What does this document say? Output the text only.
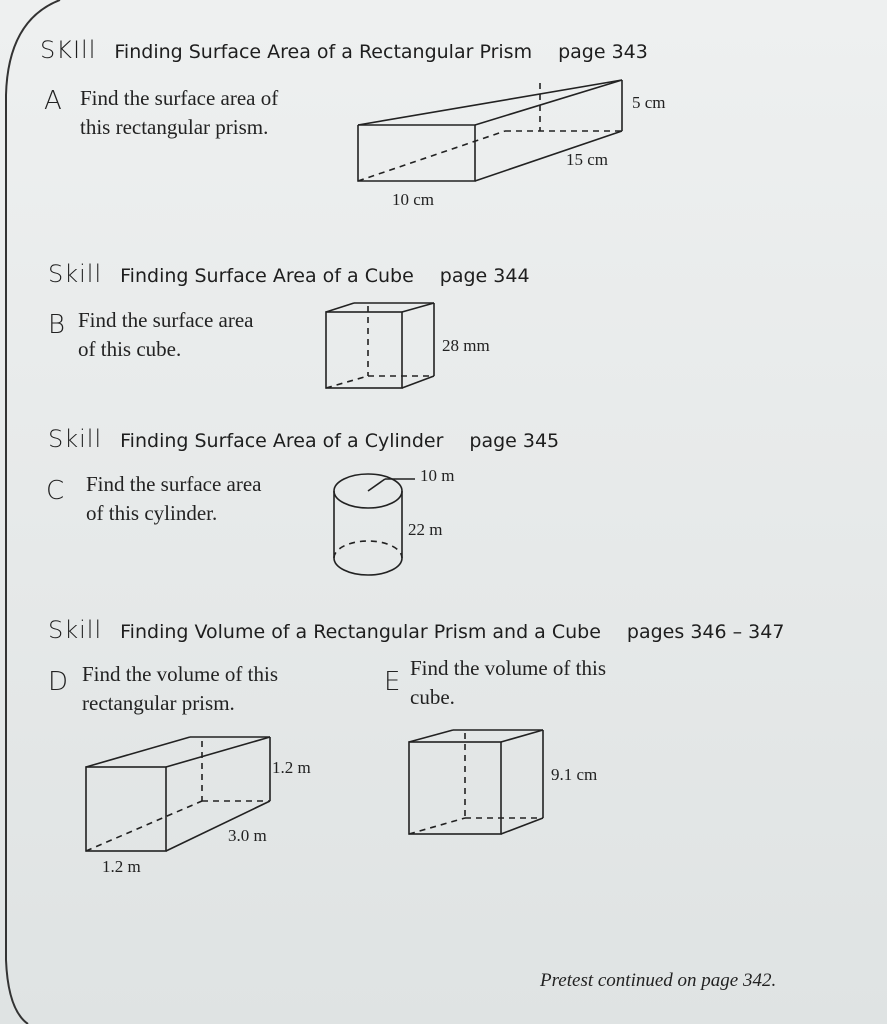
SKIll Finding Surface Area of a Rectangular Prism page 343
A Find the surface area of
this rectangular prism.
5 cm
15 cm
10 cm
Skill Finding Surface Area of a Cube page 344
B Find the surface area
of this cube.	28 mm
Skill Finding Surface Area of a Cylinder page 345
C Find the surface area
of this cylinder.
10 m
22 m
Skill Finding Volume of a Rectangular Prism and a Cube pages 346 – 347
D Find the volume of this
rectangular prism.
1.2 m
3.0 m
1.2 m
E Find the volume of this
cube.
9.1 cm
Pretest continued on page 342.
